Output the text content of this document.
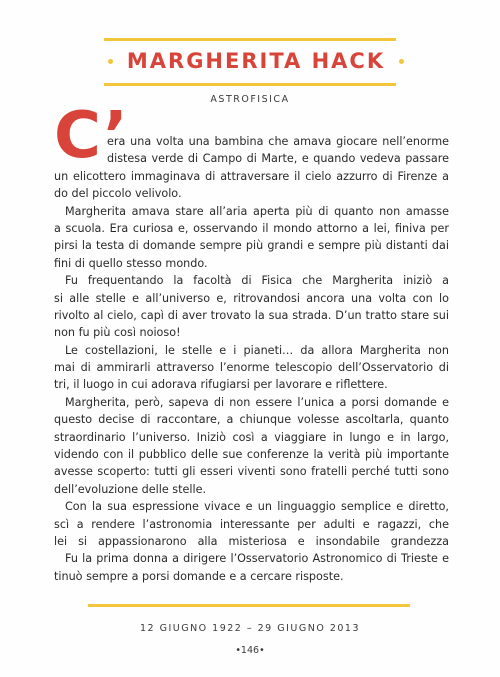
MARGHERITA HACK
ASTROFISICA
C’
era una volta una bambina che amava giocare nell’enorme
distesa verde di Campo di Marte, e quando vedeva passare
un elicottero immaginava di attraversare il cielo azzurro di Firenze a
do del piccolo velivolo.
Margherita amava stare all’aria aperta più di quanto non amasse
a scuola. Era curiosa e, osservando il mondo attorno a lei, finiva per
pirsi la testa di domande sempre più grandi e sempre più distanti dai
fini di quello stesso mondo.
Fu frequentando la facoltà di Fisica che Margherita iniziò a
si alle stelle e all’universo e, ritrovandosi ancora una volta con lo
rivolto al cielo, capì di aver trovato la sua strada. D’un tratto stare sui
non fu più così noioso!
Le costellazioni, le stelle e i pianeti… da allora Margherita non
mai di ammirarli attraverso l’enorme telescopio dell’Osservatorio di
tri, il luogo in cui adorava rifugiarsi per lavorare e riflettere.
Margherita, però, sapeva di non essere l’unica a porsi domande e
questo decise di raccontare, a chiunque volesse ascoltarla, quanto
straordinario l’universo. Iniziò così a viaggiare in lungo e in largo,
videndo con il pubblico delle sue conferenze la verità più importante
avesse scoperto: tutti gli esseri viventi sono fratelli perché tutti sono
dell’evoluzione delle stelle.
Con la sua espressione vivace e un linguaggio semplice e diretto,
scì a rendere l’astronomia interessante per adulti e ragazzi, che
lei si appassionarono alla misteriosa e insondabile grandezza
Fu la prima donna a dirigere l’Osservatorio Astronomico di Trieste e
tinuò sempre a porsi domande e a cercare risposte.
12 GIUGNO 1922 – 29 GIUGNO 2013
•146•
